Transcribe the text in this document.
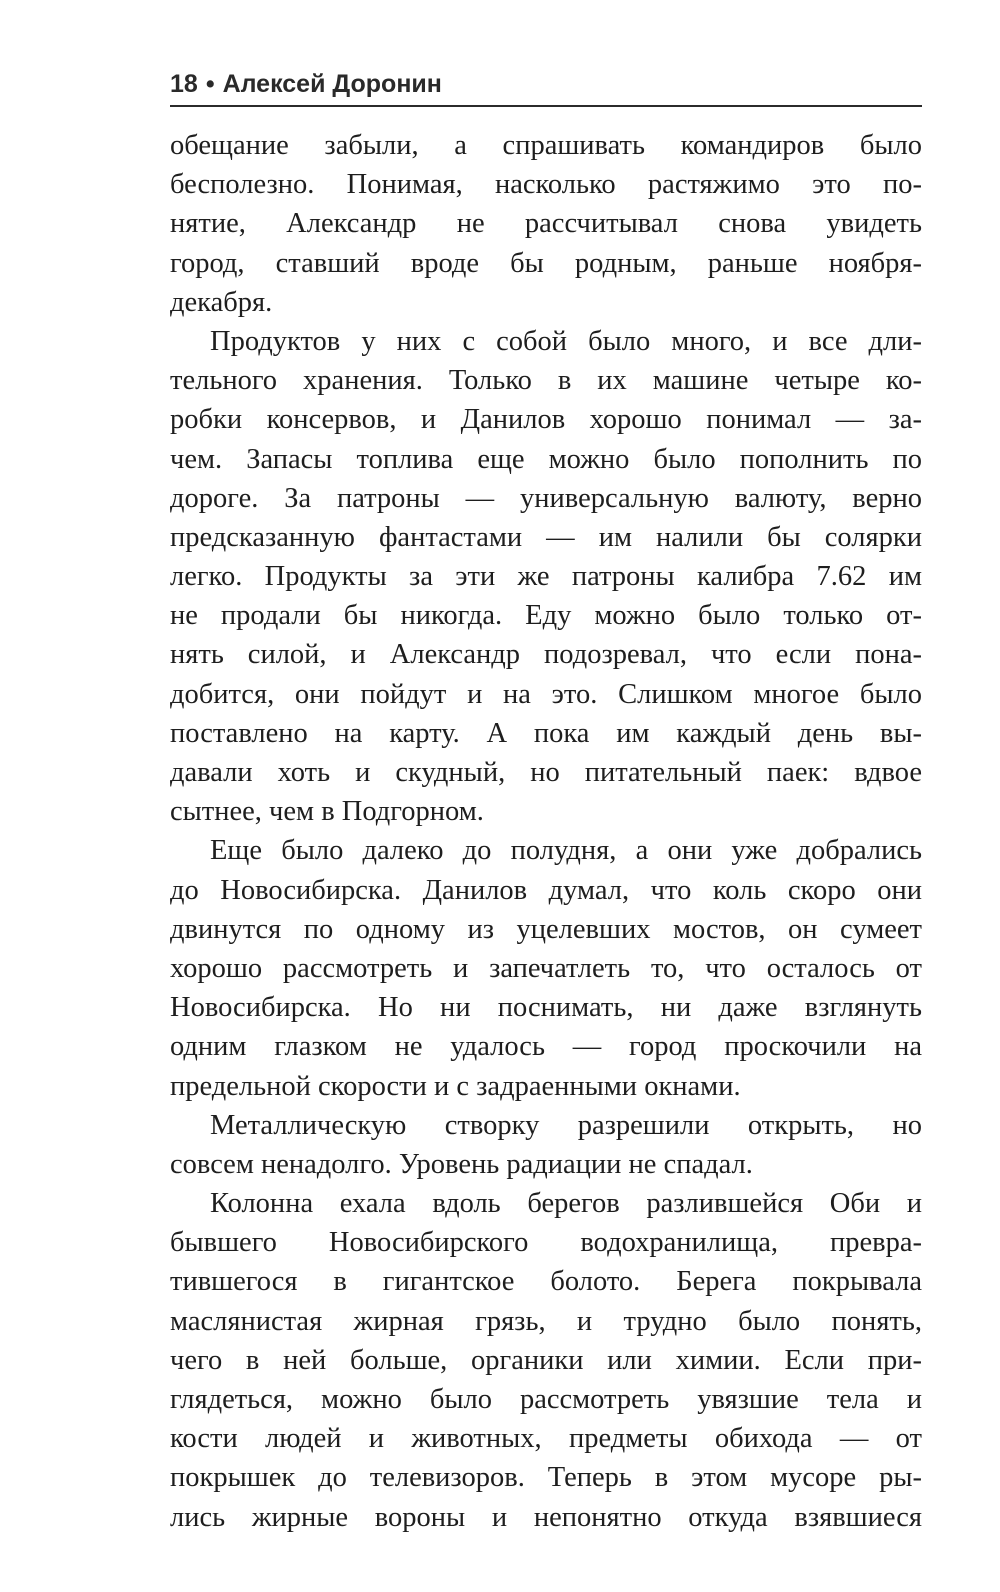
18 • Алексей Доронин
обещание забыли, а спрашивать командиров было
бесполезно. Понимая, насколько растяжимо это по-
нятие, Александр не рассчитывал снова увидеть
город, ставший вроде бы родным, раньше ноября-
декабря.
Продуктов у них с собой было много, и все дли-
тельного хранения. Только в их машине четыре ко-
робки консервов, и Данилов хорошо понимал — за-
чем. Запасы топлива еще можно было пополнить по
дороге. За патроны — универсальную валюту, верно
предсказанную фантастами — им налили бы солярки
легко. Продукты за эти же патроны калибра 7.62 им
не продали бы никогда. Еду можно было только от-
нять силой, и Александр подозревал, что если пона-
добится, они пойдут и на это. Слишком многое было
поставлено на карту. А пока им каждый день вы-
давали хоть и скудный, но питательный паек: вдвое
сытнее, чем в Подгорном.
Еще было далеко до полудня, а они уже добрались
до Новосибирска. Данилов думал, что коль скоро они
двинутся по одному из уцелевших мостов, он сумеет
хорошо рассмотреть и запечатлеть то, что осталось от
Новосибирска. Но ни поснимать, ни даже взглянуть
одним глазком не удалось — город проскочили на
предельной скорости и с задраенными окнами.
Металлическую створку разрешили открыть, но
совсем ненадолго. Уровень радиации не спадал.
Колонна ехала вдоль берегов разлившейся Оби и
бывшего Новосибирского водохранилища, превра-
тившегося в гигантское болото. Берега покрывала
маслянистая жирная грязь, и трудно было понять,
чего в ней больше, органики или химии. Если при-
глядеться, можно было рассмотреть увязшие тела и
кости людей и животных, предметы обихода — от
покрышек до телевизоров. Теперь в этом мусоре ры-
лись жирные вороны и непонятно откуда взявшиеся
